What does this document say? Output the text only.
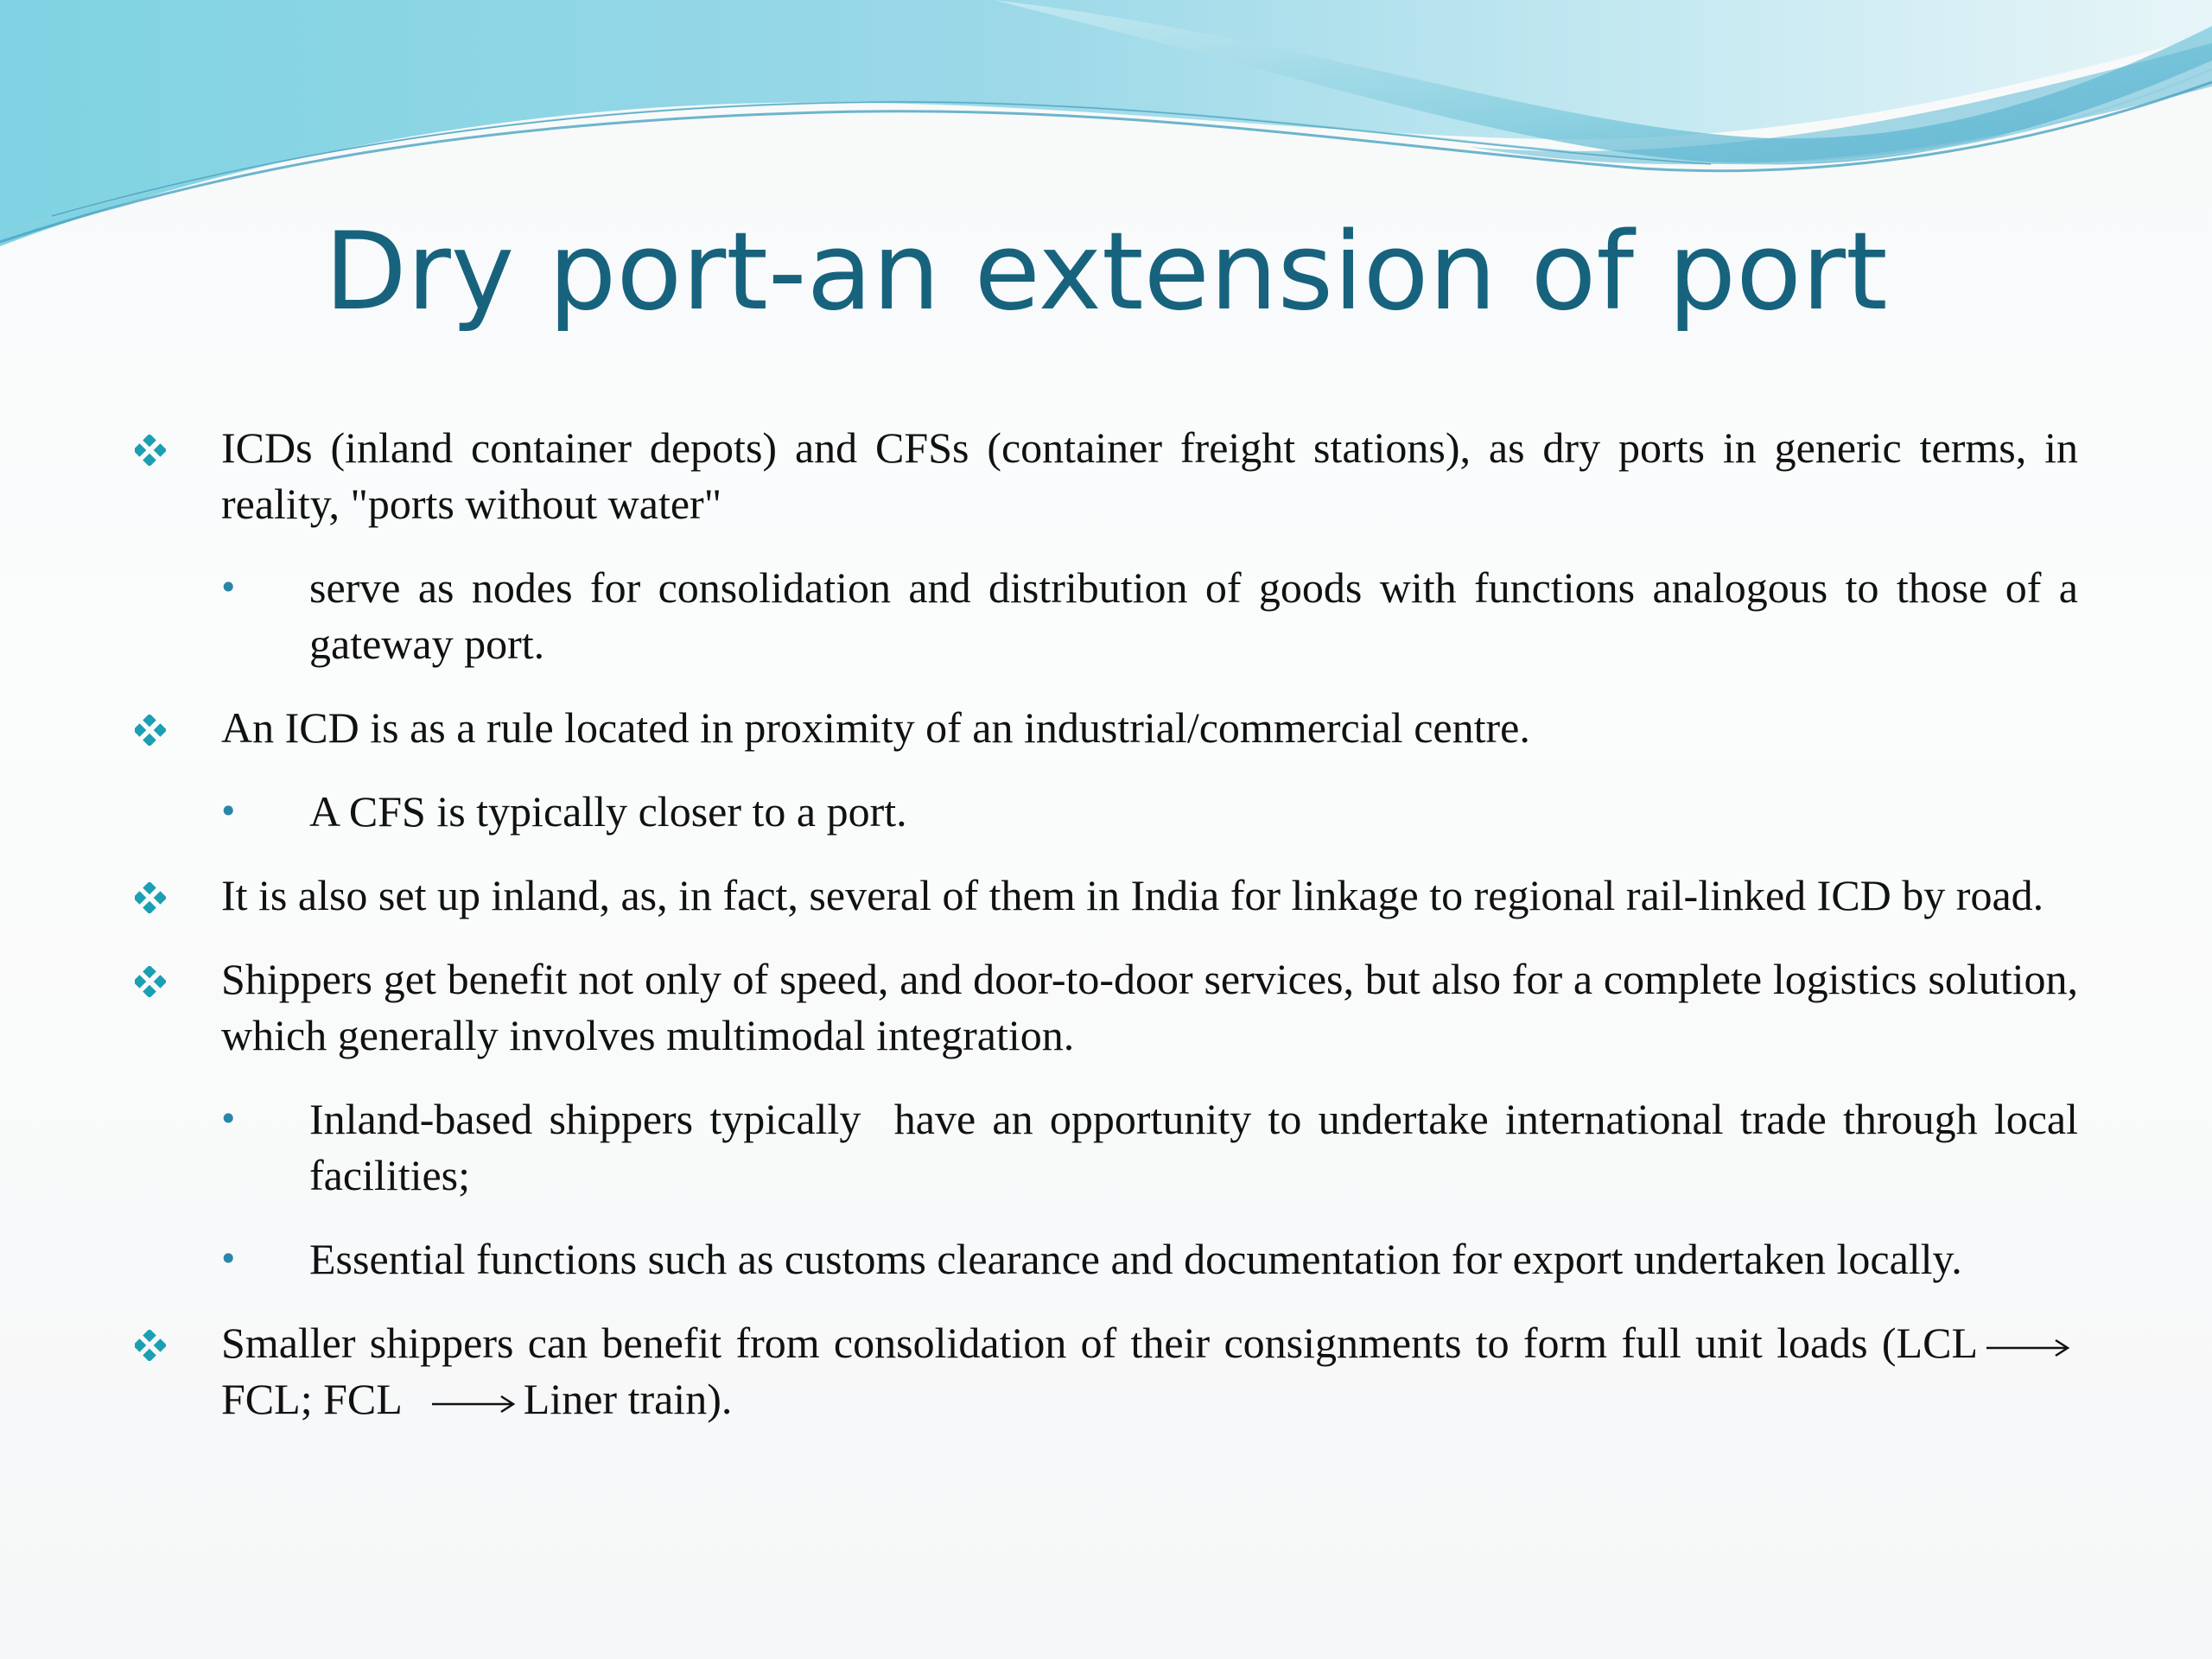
Dry port-an extension of port
ICDs (inland container depots) and CFSs (container freight stations), as dry ports in generic terms, in reality, "ports without water"
• serve as nodes for consolidation and distribution of goods with functions analogous to those of a gateway port.
An ICD is as a rule located in proximity of an industrial/commercial centre.
• A CFS is typically closer to a port.
It is also set up inland, as, in fact, several of them in India for linkage to regional rail-linked ICD by road.
Shippers get benefit not only of speed, and door-to-door services, but also for a complete logistics solution, which generally involves multimodal integration.
• Inland-based shippers typically  have an opportunity to undertake international trade through local facilities;
• Essential functions such as customs clearance and documentation for export undertaken locally.
Smaller shippers can benefit from consolidation of their consignments to form full unit loads (LCLFCL; FCL	Liner train).
